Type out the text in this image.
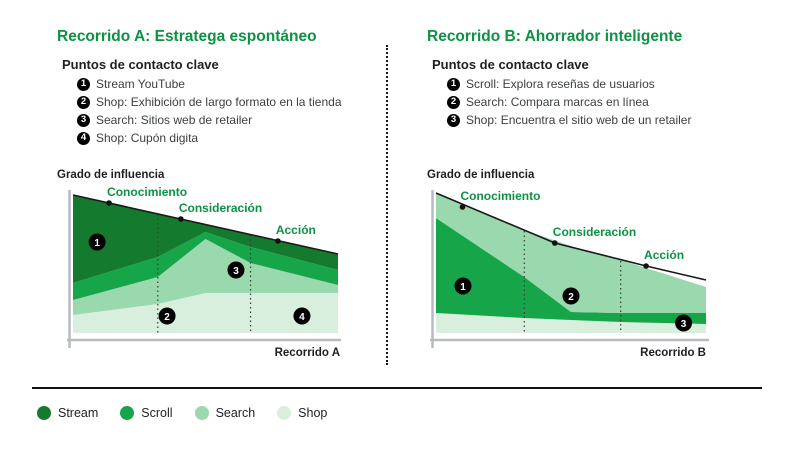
Recorrido A: Estratega espontáneo
Puntos de contacto clave
1 Stream YouTube
2 Shop: Exhibición de largo formato en la tienda
3 Search: Sitios web de retailer
4 Shop: Cupón digita
Recorrido B: Ahorrador inteligente
Puntos de contacto clave
1 Scroll: Explora reseñas de usuarios
2 Search: Compara marcas en línea
3 Shop: Encuentra el sitio web de un retailer
Grado de influencia
Conocimiento
Consideración
Acción
1
2
3
4
Recorrido A
Grado de influencia
Conocimiento
Consideración
Acción
1
2
3
Recorrido B
Stream	Scroll	Search	Shop
